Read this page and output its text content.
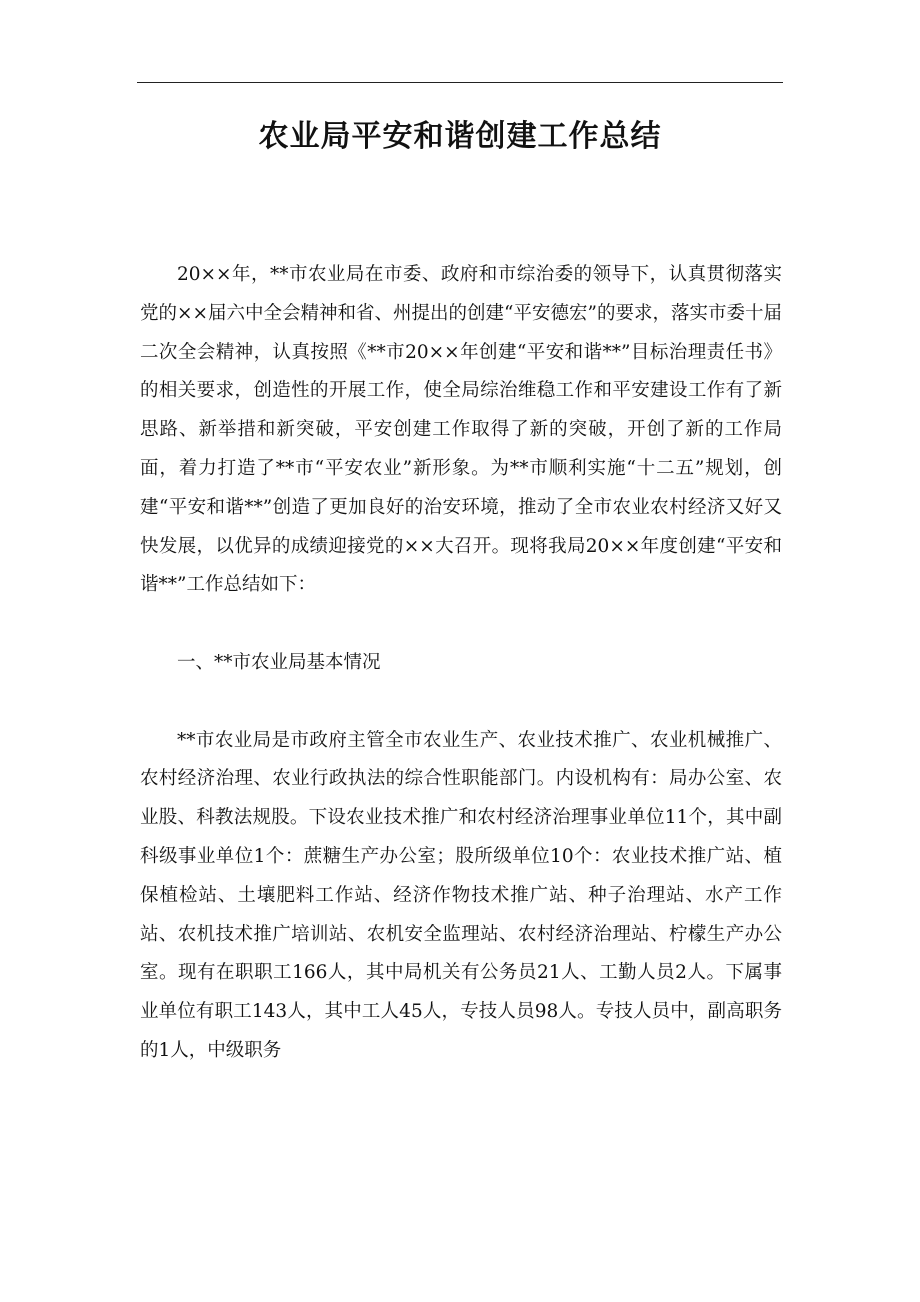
农业局平安和谐创建工作总结

20××年，**市农业局在市委、政府和市综治委的领导下，认真贯彻落实党的××届六中全会精神和省、州提出的创建“平安德宏”的要求，落实市委十届二次全会精神，认真按照《**市20××年创建“平安和谐**”目标治理责任书》的相关要求，创造性的开展工作，使全局综治维稳工作和平安建设工作有了新思路、新举措和新突破，平安创建工作取得了新的突破，开创了新的工作局面，着力打造了**市“平安农业”新形象。为**市顺利实施“十二五”规划，创建“平安和谐**”创造了更加良好的治安环境，推动了全市农业农村经济又好又快发展，以优异的成绩迎接党的××大召开。现将我局20××年度创建“平安和谐**”工作总结如下：

一、**市农业局基本情况

**市农业局是市政府主管全市农业生产、农业技术推广、农业机械推广、农村经济治理、农业行政执法的综合性职能部门。内设机构有：局办公室、农业股、科教法规股。下设农业技术推广和农村经济治理事业单位11个，其中副科级事业单位1个：蔗糖生产办公室；股所级单位10个：农业技术推广站、植保植检站、土壤肥料工作站、经济作物技术推广站、种子治理站、水产工作站、农机技术推广培训站、农机安全监理站、农村经济治理站、柠檬生产办公室。现有在职职工166人，其中局机关有公务员21人、工勤人员2人。下属事业单位有职工143人，其中工人45人，专技人员98人。专技人员中，副高职务的1人，中级职务
